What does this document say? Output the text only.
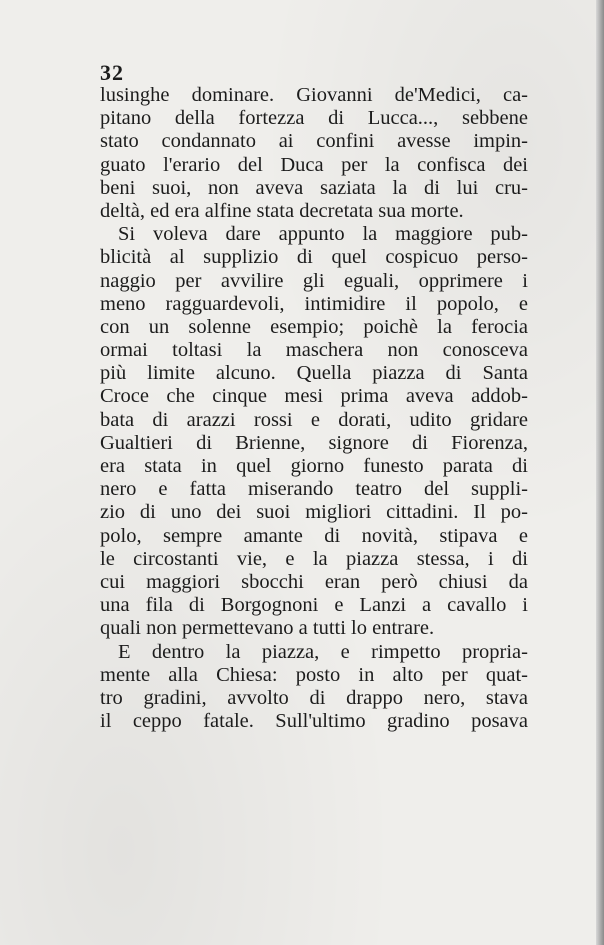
32
lusinghe dominare. Giovanni de'Medici, ca-
pitano della fortezza di Lucca..., sebbene
stato condannato ai confini avesse impin-
guato l'erario del Duca per la confisca dei
beni suoi, non aveva saziata la di lui cru-
deltà, ed era alfine stata decretata sua morte.
Si voleva dare appunto la maggiore pub-
blicità al supplizio di quel cospicuo perso-
naggio per avvilire gli eguali, opprimere i
meno ragguardevoli, intimidire il popolo, e
con un solenne esempio; poichè la ferocia
ormai toltasi la maschera non conosceva
più limite alcuno. Quella piazza di Santa
Croce che cinque mesi prima aveva addob-
bata di arazzi rossi e dorati, udito gridare
Gualtieri di Brienne, signore di Fiorenza,
era stata in quel giorno funesto parata di
nero e fatta miserando teatro del suppli-
zio di uno dei suoi migliori cittadini. Il po-
polo, sempre amante di novità, stipava e
le circostanti vie, e la piazza stessa, i di
cui maggiori sbocchi eran però chiusi da
una fila di Borgognoni e Lanzi a cavallo i
quali non permettevano a tutti lo entrare.
E dentro la piazza, e rimpetto propria-
mente alla Chiesa: posto in alto per quat-
tro gradini, avvolto di drappo nero, stava
il ceppo fatale. Sull'ultimo gradino posava
